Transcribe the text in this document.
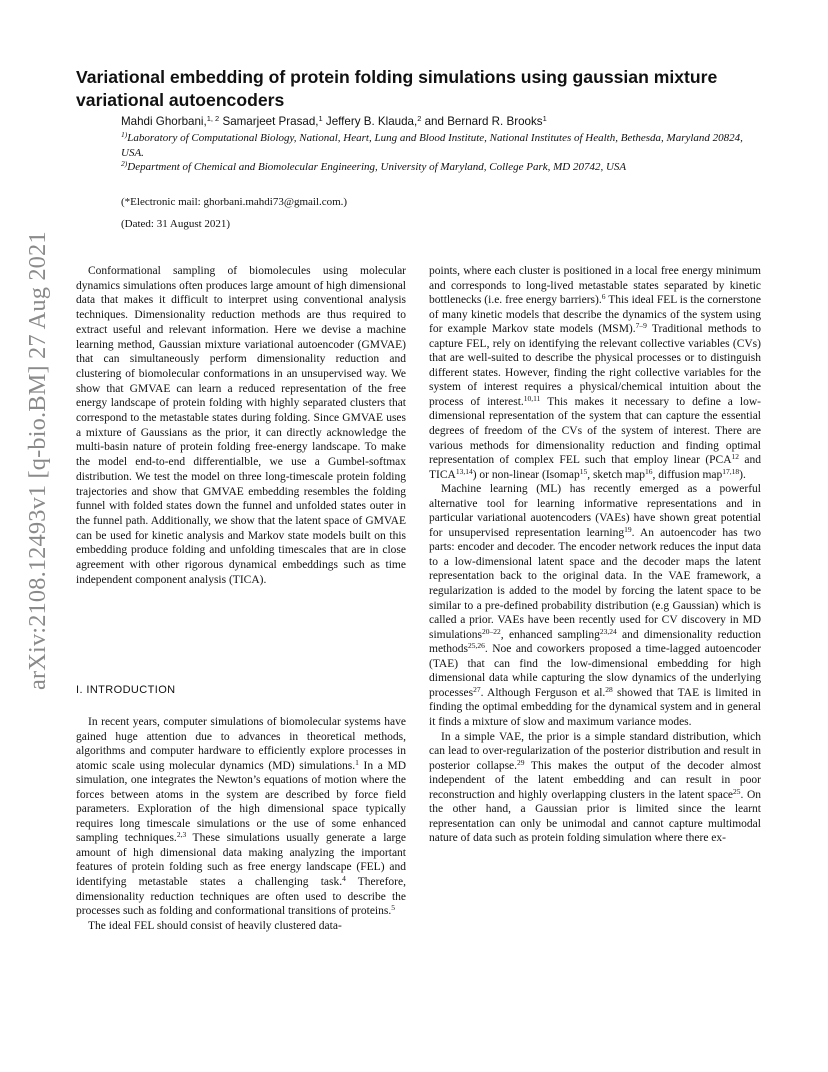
arXiv:2108.12493v1 [q-bio.BM] 27 Aug 2021
Variational embedding of protein folding simulations using gaussian mixture variational autoencoders
Mahdi Ghorbani,$^{1, 2}$ Samarjeet Prasad,$^1$ Jeffery B. Klauda,$^2$ and Bernard R. Brooks$^1$
$^{1)}$Laboratory of Computational Biology, National, Heart, Lung and Blood Institute, National Institutes of Health, Bethesda, Maryland 20824, USA.
$^{2)}$Department of Chemical and Biomolecular Engineering, University of Maryland, College Park, MD 20742, USA
(*Electronic mail: ghorbani.mahdi73@gmail.com.)
(Dated: 31 August 2021)

Conformational sampling of biomolecules using molecular dynamics simulations often produces large amount of high dimensional data that makes it difficult to interpret using conventional analysis techniques. Dimensionality reduction methods are thus required to extract useful and relevant information. Here we devise a machine learning method, Gaussian mixture variational autoencoder (GMVAE) that can simultaneously perform dimensionality reduction and clustering of biomolecular conformations in an unsupervised way. We show that GMVAE can learn a reduced representation of the free energy landscape of protein folding with highly separated clusters that correspond to the metastable states during folding. Since GMVAE uses a mixture of Gaussians as the prior, it can directly acknowledge the multi-basin nature of protein folding free-energy landscape. To make the model end-to-end differentialble, we use a Gumbel-softmax distribution. We test the model on three long-timescale protein folding trajectories and show that GMVAE embedding resembles the folding funnel with folded states down the funnel and unfolded states outer in the funnel path. Additionally, we show that the latent space of GMVAE can be used for kinetic analysis and Markov state models built on this embedding produce folding and unfolding timescales that are in close agreement with other rigorous dynamical embeddings such as time independent component analysis (TICA).

I. INTRODUCTION

In recent years, computer simulations of biomolecular systems have gained huge attention due to advances in theoretical methods, algorithms and computer hardware to efficiently explore processes in atomic scale using molecular dynamics (MD) simulations.$^1$ In a MD simulation, one integrates the Newton’s equations of motion where the forces between atoms in the system are described by force field parameters. Exploration of the high dimensional space typically requires long timescale simulations or the use of some enhanced sampling techniques.$^{2,3}$ These simulations usually generate a large amount of high dimensional data making analyzing the important features of protein folding such as free energy landscape (FEL) and identifying metastable states a challenging task.$^4$ Therefore, dimensionality reduction techniques are often used to describe the processes such as folding and conformational transitions of proteins.$^5$

The ideal FEL should consist of heavily clustered data-

points, where each cluster is positioned in a local free energy minimum and corresponds to long-lived metastable states separated by kinetic bottlenecks (i.e. free energy barriers).$^6$ This ideal FEL is the cornerstone of many kinetic models that describe the dynamics of the system using for example Markov state models (MSM).$^{7-9}$ Traditional methods to capture FEL, rely on identifying the relevant collective variables (CVs) that are well-suited to describe the physical processes or to distinguish different states. However, finding the right collective variables for the system of interest requires a physical/chemical intuition about the process of interest.$^{10,11}$ This makes it necessary to define a low-dimensional representation of the system that can capture the essential degrees of freedom of the CVs of the system of interest. There are various methods for dimensionality reduction and finding optimal representation of complex FEL such that employ linear (PCA$^{12}$ and TICA$^{13,14}$) or non-linear (Isomap$^{15}$, sketch map$^{16}$, diffusion map$^{17,18}$).

Machine learning (ML) has recently emerged as a powerful alternative tool for learning informative representations and in particular variational auotencoders (VAEs) have shown great potential for unsupervised representation learning$^{19}$. An autoencoder has two parts: encoder and decoder. The encoder network reduces the input data to a low-dimensional latent space and the decoder maps the latent representation back to the original data. In the VAE framework, a regularization is added to the model by forcing the latent space to be similar to a pre-defined probability distribution (e.g Gaussian) which is called a prior. VAEs have been recently used for CV discovery in MD simulations$^{20-22}$, enhanced sampling$^{23,24}$ and dimensionality reduction methods$^{25,26}$. Noe and coworkers proposed a time-lagged autoencoder (TAE) that can find the low-dimensional embedding for high dimensional data while capturing the slow dynamics of the underlying processes$^{27}$. Although Ferguson et al.$^{28}$ showed that TAE is limited in finding the optimal embedding for the dynamical system and in general it finds a mixture of slow and maximum variance modes.

In a simple VAE, the prior is a simple standard distribution, which can lead to over-regularization of the posterior distribution and result in posterior collapse.$^{29}$ This makes the output of the decoder almost independent of the latent embedding and can result in poor reconstruction and highly overlapping clusters in the latent space$^{25}$. On the other hand, a Gaussian prior is limited since the learnt representation can only be unimodal and cannot capture multimodal nature of data such as protein folding simulation where there ex-
